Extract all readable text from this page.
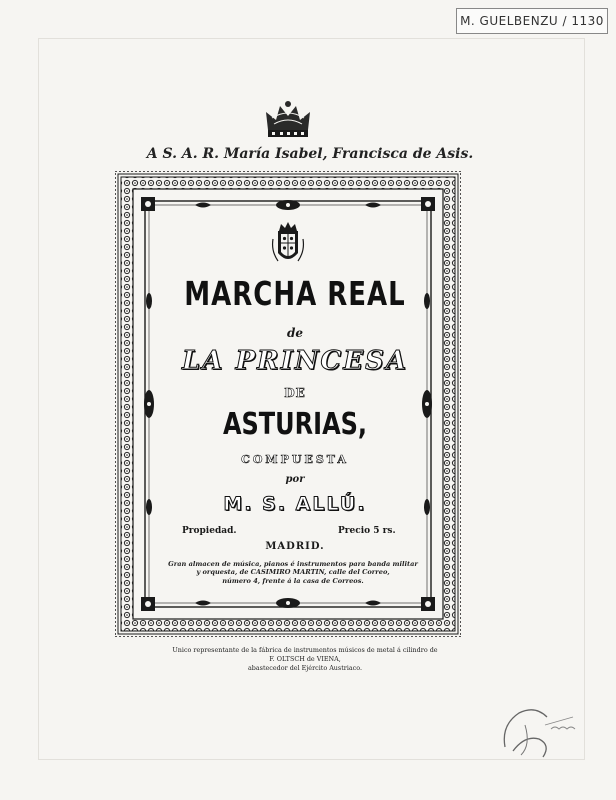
M. GUELBENZU / 1130
A S. A. R. María Isabel, Francisca de Asis.
MARCHA REAL
de
LA PRINCESA
DE
ASTURIAS,
COMPUESTA
por
M. S. ALLÚ.
Propiedad.	Precio 5 rs.
MADRID.
Gran almacen de música, pianos é instrumentos para banda militar
y orquesta, de CASIMIRO MARTIN, calle del Correo,
número 4, frente á la casa de Correos.
Unico representante de la fábrica de instrumentos músicos de metal á cilindro de
F. OLTSCH de VIENA,
abastecedor del Ejército Austriaco.
